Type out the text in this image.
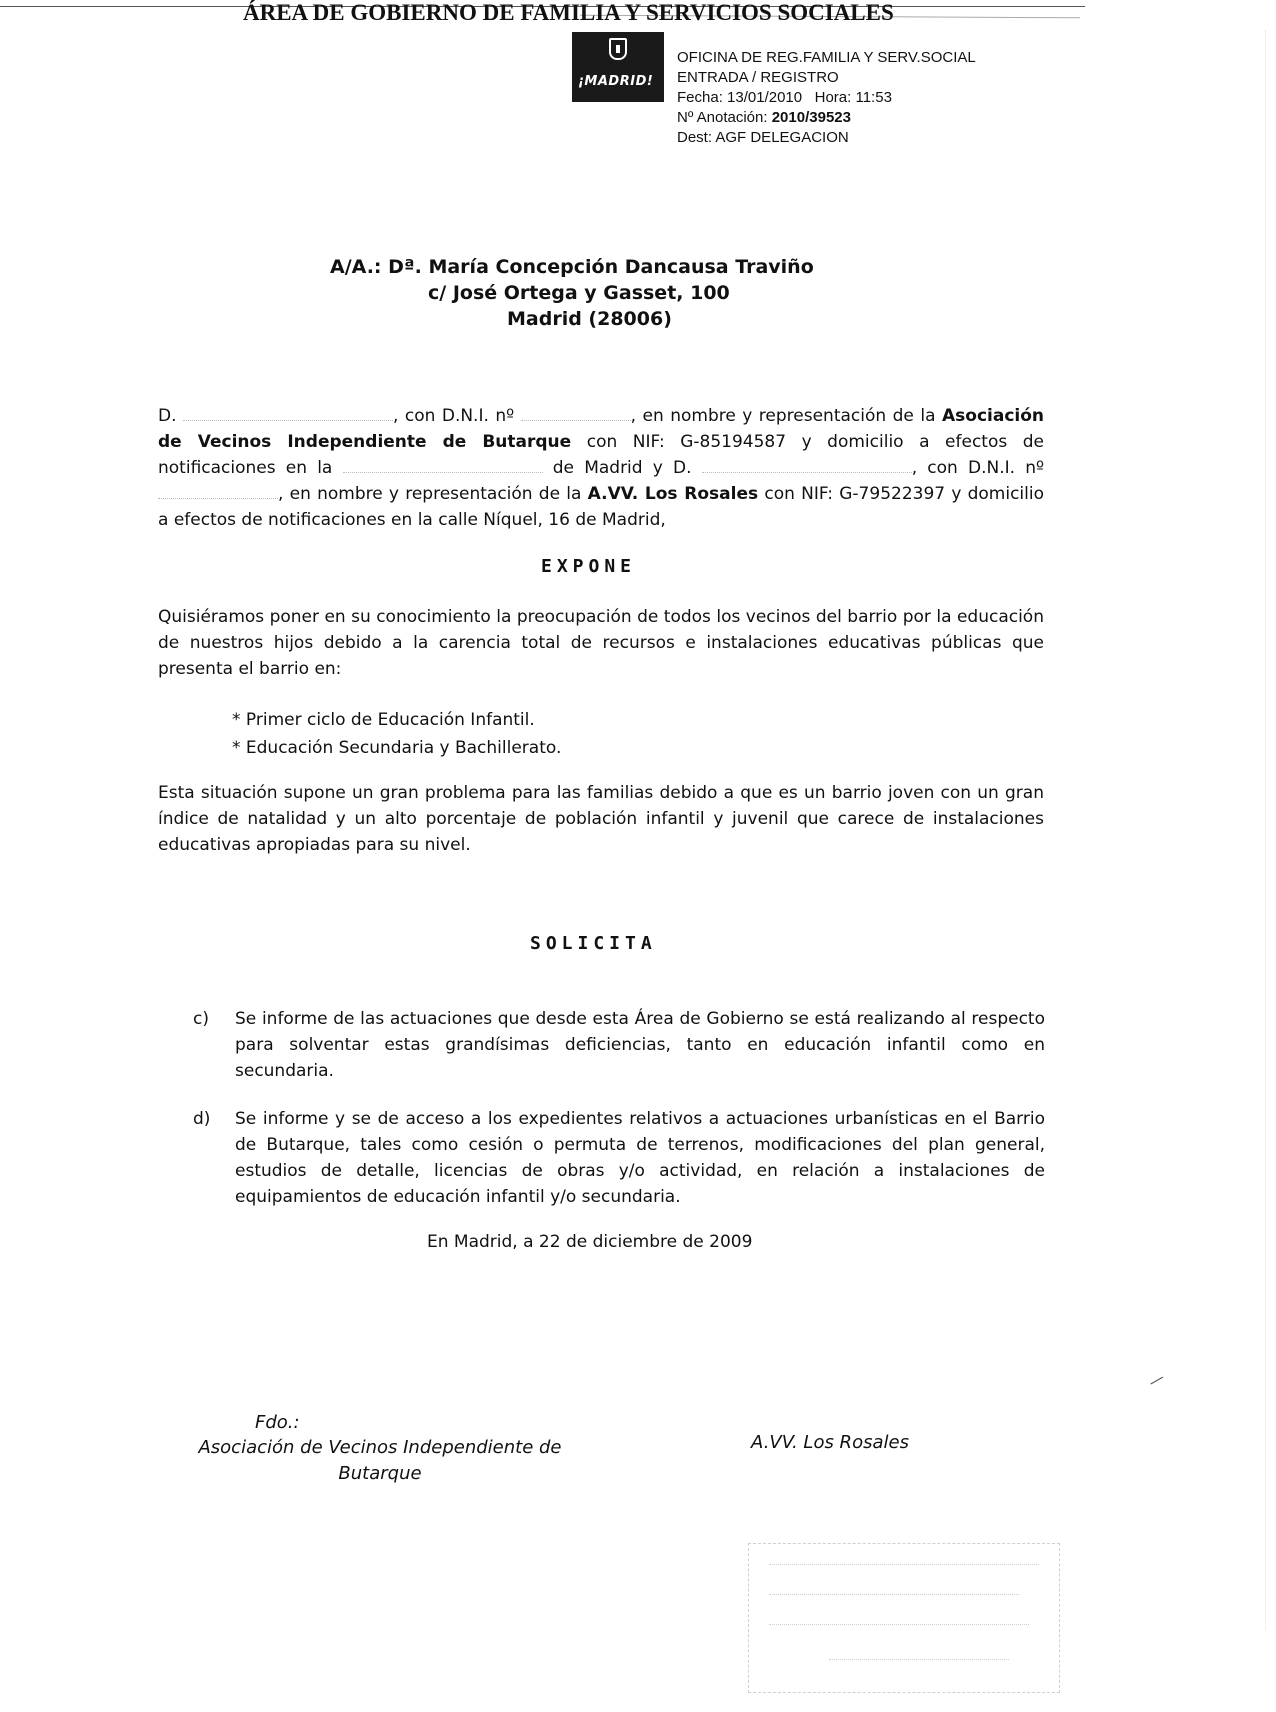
¡MADRID!
OFICINA DE REG.FAMILIA Y SERV.SOCIAL
ENTRADA / REGISTRO
Fecha: 13/01/2010 Hora: 11:53
Nº Anotación: 2010/39523
Dest: AGF DELEGACION
ÁREA DE GOBIERNO DE FAMILIA Y SERVICIOS SOCIALES
A/A.: Dª. María Concepción Dancausa Traviño
c/ José Ortega y Gasset, 100
Madrid (28006)
D.	, con D.N.I. nº	, en nombre y representación de la Asociación de Vecinos Independiente de Butarque con NIF: G-85194587 y domicilio a efectos de notificaciones en la	de Madrid y D.	, con D.N.I. nº , en nombre y representación de la A.VV. Los Rosales con NIF: G-79522397 y domicilio a efectos de notificaciones en la calle Níquel, 16 de Madrid,
EXPONE
Quisiéramos poner en su conocimiento la preocupación de todos los vecinos del barrio por la educación de nuestros hijos debido a la carencia total de recursos e instalaciones educativas públicas que presenta el barrio en:
* Primer ciclo de Educación Infantil.
* Educación Secundaria y Bachillerato.
Esta situación supone un gran problema para las familias debido a que es un barrio joven con un gran índice de natalidad y un alto porcentaje de población infantil y juvenil que carece de instalaciones educativas apropiadas para su nivel.
SOLICITA
c) Se informe de las actuaciones que desde esta Área de Gobierno se está realizando al respecto para solventar estas grandísimas deficiencias, tanto en educación infantil como en secundaria.
d) Se informe y se de acceso a los expedientes relativos a actuaciones urbanísticas en el Barrio de Butarque, tales como cesión o permuta de terrenos, modificaciones del plan general, estudios de detalle, licencias de obras y/o actividad, en relación a instalaciones de equipamientos de educación infantil y/o secundaria.
En Madrid, a 22 de diciembre de 2009
Fdo.:
Asociación de Vecinos Independiente de
Butarque
A.VV. Los Rosales
